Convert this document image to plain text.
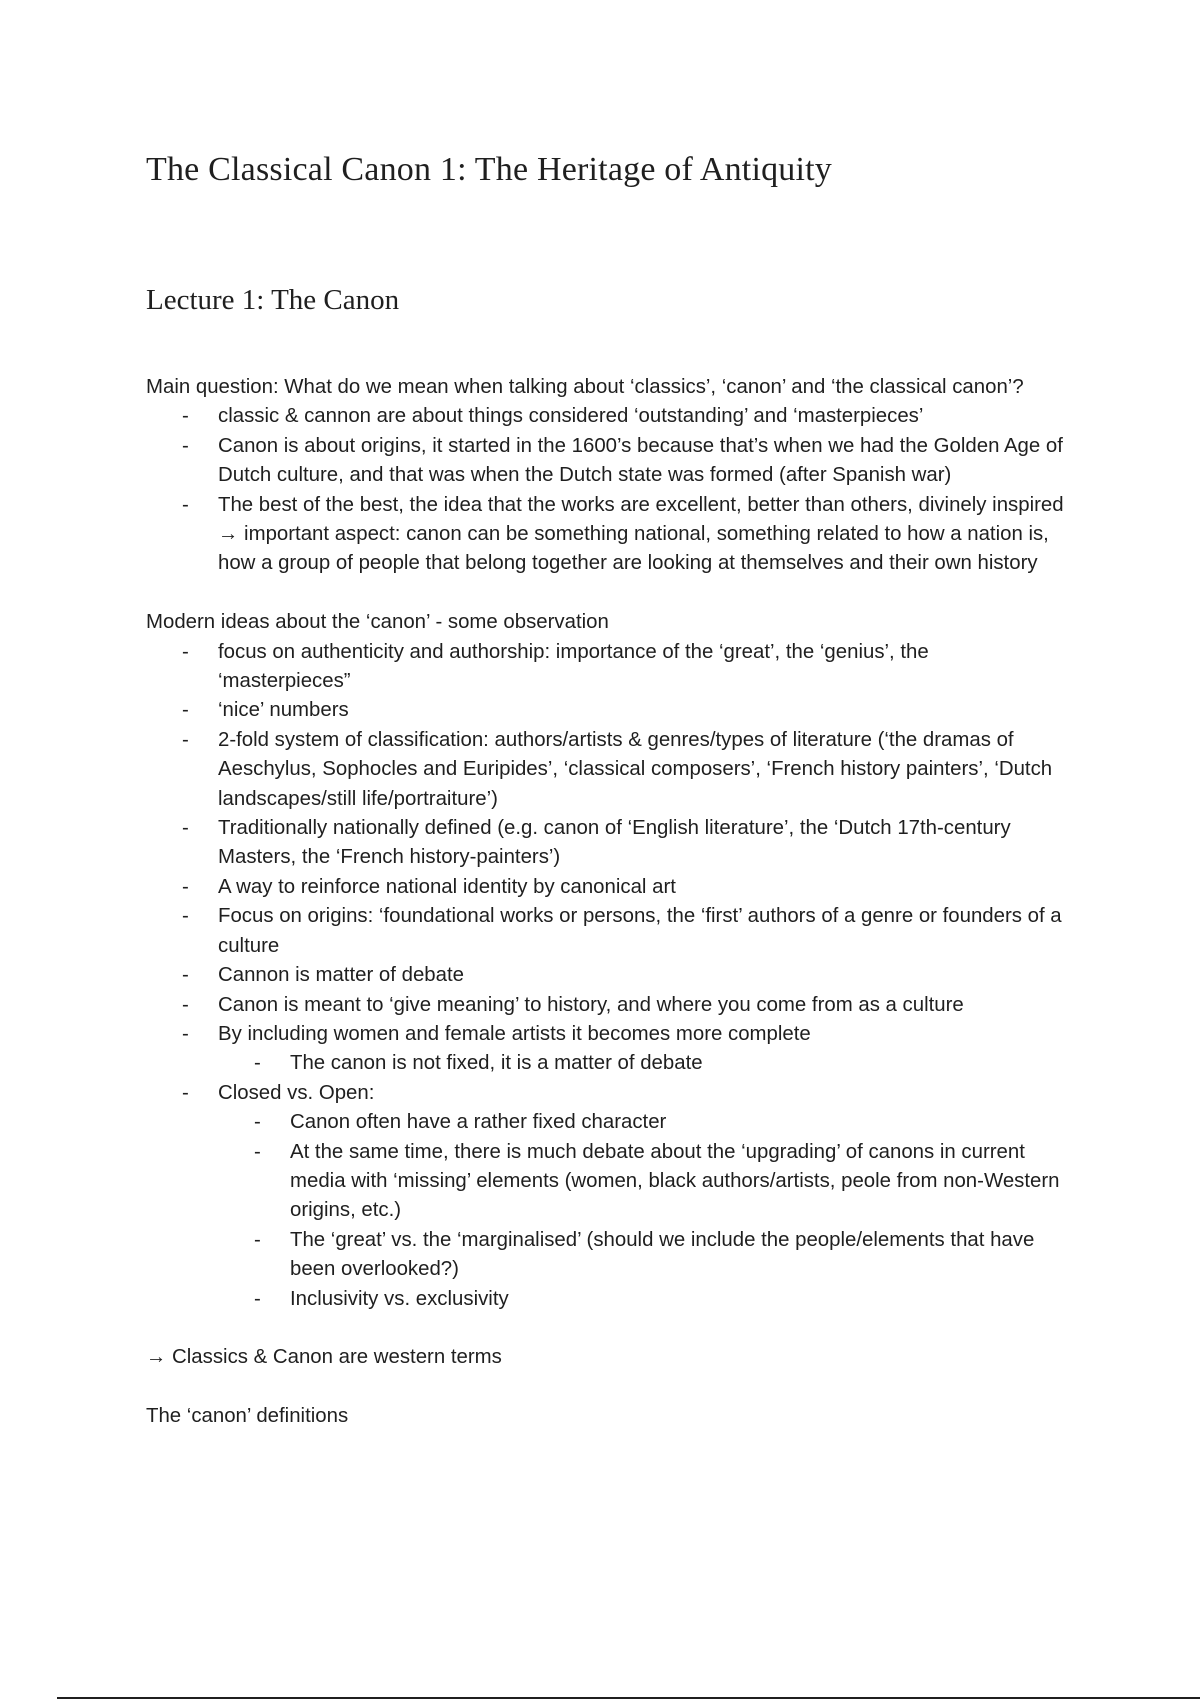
The Classical Canon 1: The Heritage of Antiquity
Lecture 1: The Canon

Main question: What do we mean when talking about ‘classics’, ‘canon’ and ‘the classical canon’?

- classic & cannon are about things considered ‘outstanding’ and ‘masterpieces’
- Canon is about origins, it started in the 1600’s because that’s when we had the Golden Age of Dutch culture, and that was when the Dutch state was formed (after Spanish war)
- The best of the best, the idea that the works are excellent, better than others, divinely inspired → important aspect: canon can be something national, something related to how a nation is, how a group of people that belong together are looking at themselves and their own history

Modern ideas about the ‘canon’ - some observation

- focus on authenticity and authorship: importance of the ‘great’, the ‘genius’, the ‘masterpieces”
- ‘nice’ numbers
- 2-fold system of classification: authors/artists & genres/types of literature (‘the dramas of Aeschylus, Sophocles and Euripides’, ‘classical composers’, ‘French history painters’, ‘Dutch landscapes/still life/portraiture’)
- Traditionally nationally defined (e.g. canon of ‘English literature’, the ‘Dutch 17th-century Masters, the ‘French history-painters’)
- A way to reinforce national identity by canonical art
- Focus on origins: ‘foundational works or persons, the ‘first’ authors of a genre or founders of a culture
- Cannon is matter of debate
- Canon is meant to ‘give meaning’ to history, and where you come from as a culture
- By including women and female artists it becomes more complete
- The canon is not fixed, it is a matter of debate
- Closed vs. Open:
- Canon often have a rather fixed character
- At the same time, there is much debate about the ‘upgrading’ of canons in current media with ‘missing’ elements (women, black authors/artists, peole from non-Western origins, etc.)
- The ‘great’ vs. the ‘marginalised’ (should we include the people/elements that have been overlooked?)
- Inclusivity vs. exclusivity

→ Classics & Canon are western terms

The ‘canon’ definitions
